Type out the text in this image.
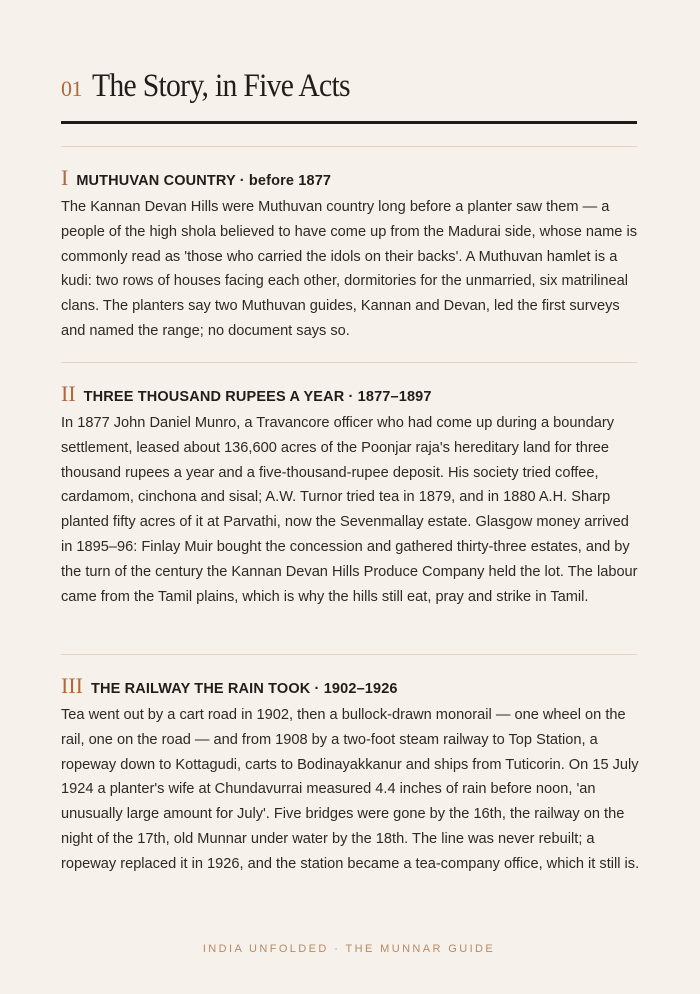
01 The Story, in Five Acts
IMUTHUVAN COUNTRY · before 1877

The Kannan Devan Hills were Muthuvan country long before a planter saw them — a people of the high shola believed to have come up from the Madurai side, whose name is commonly read as 'those who carried the idols on their backs'. A Muthuvan hamlet is a kudi: two rows of houses facing each other, dormitories for the unmarried, six matrilineal clans. The planters say two Muthuvan guides, Kannan and Devan, led the first surveys and named the range; no document says so.

II THREE THOUSAND RUPEES A YEAR · 1877–1897

In 1877 John Daniel Munro, a Travancore officer who had come up during a boundary settlement, leased about 136,600 acres of the Poonjar raja's hereditary land for three thousand rupees a year and a five-thousand-rupee deposit. His society tried coffee, cardamom, cinchona and sisal; A.W. Turnor tried tea in 1879, and in 1880 A.H. Sharp planted fifty acres of it at Parvathi, now the Sevenmallay estate. Glasgow money arrived in 1895–96: Finlay Muir bought the concession and gathered thirty-three estates, and by the turn of the century the Kannan Devan Hills Produce Company held the lot. The labour came from the Tamil plains, which is why the hills still eat, pray and strike in Tamil.

III THE RAILWAY THE RAIN TOOK · 1902–1926

Tea went out by a cart road in 1902, then a bullock-drawn monorail — one wheel on the rail, one on the road — and from 1908 by a two-foot steam railway to Top Station, a ropeway down to Kottagudi, carts to Bodinayakkanur and ships from Tuticorin. On 15 July 1924 a planter's wife at Chundavurrai measured 4.4 inches of rain before noon, 'an unusually large amount for July'. Five bridges were gone by the 16th, the railway on the night of the 17th, old Munnar under water by the 18th. The line was never rebuilt; a ropeway replaced it in 1926, and the station became a tea-company office, which it still is.

INDIA UNFOLDED · THE MUNNAR GUIDE
